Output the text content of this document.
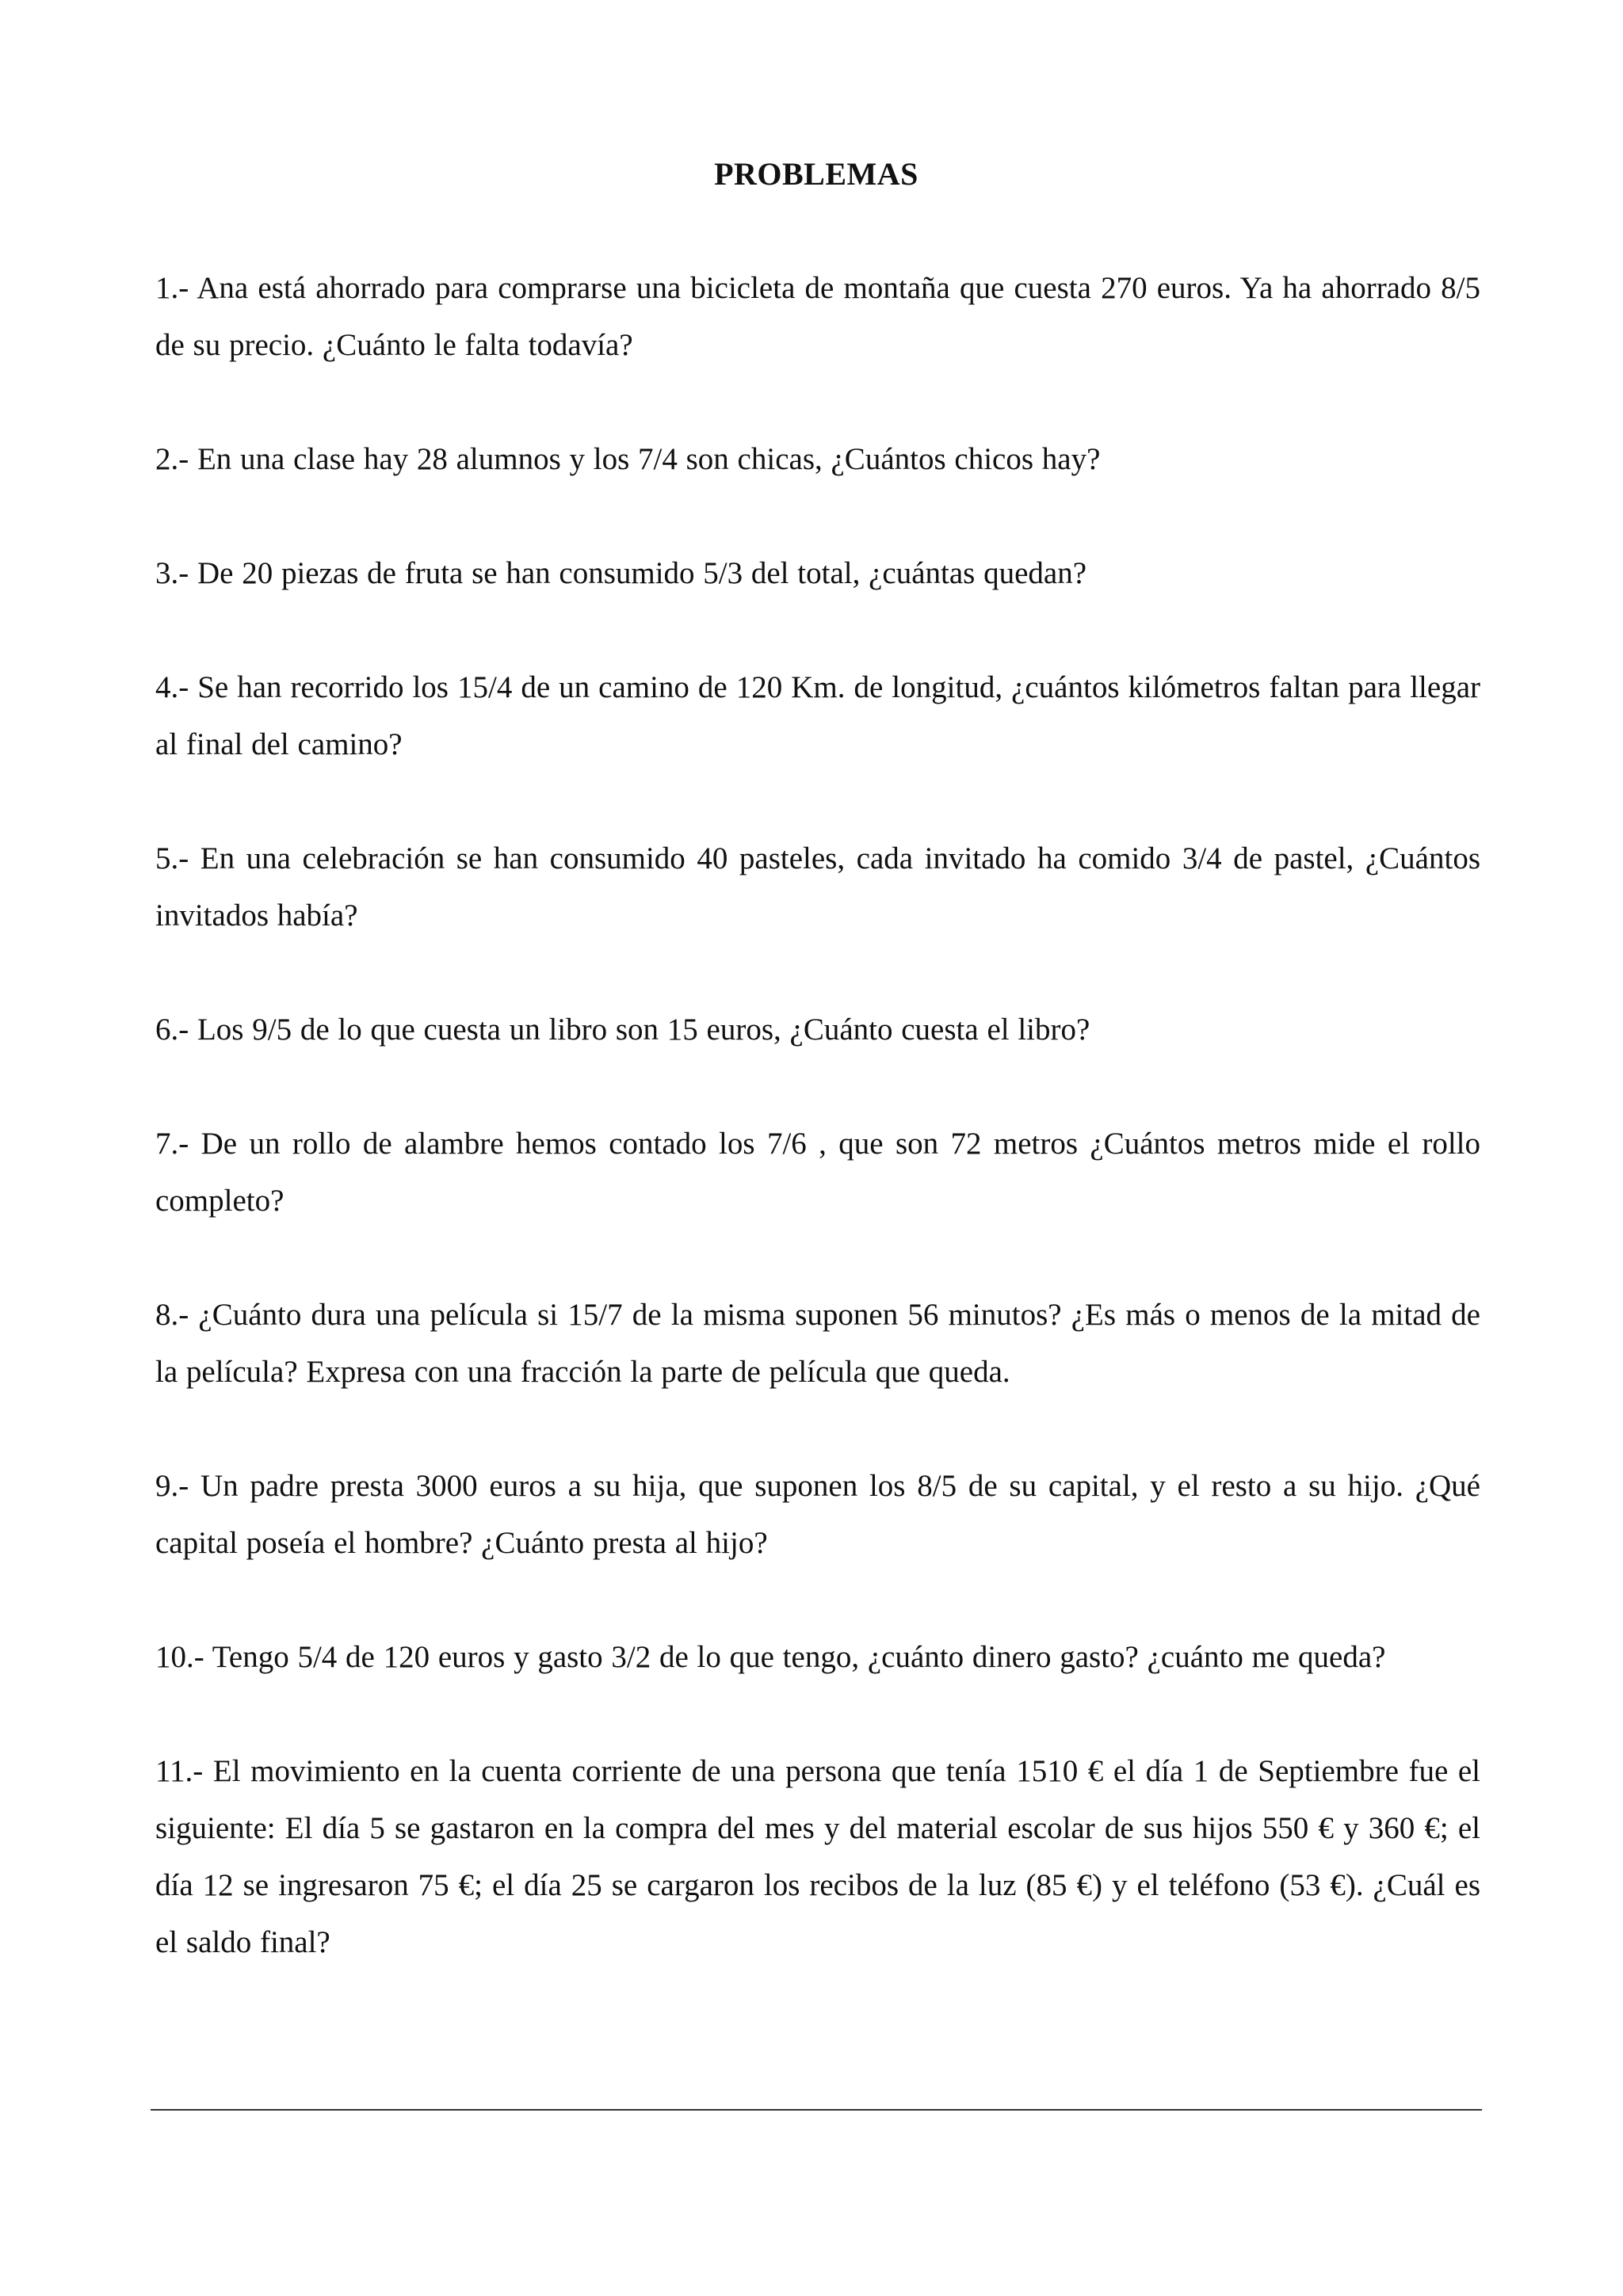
PROBLEMAS
1.- Ana está ahorrado para comprarse una bicicleta de montaña que cuesta 270 euros. Ya ha ahorrado 8/5 de su precio. ¿Cuánto le falta todavía?
2.- En una clase hay 28 alumnos y los 7/4 son chicas, ¿Cuántos chicos hay?
3.- De 20 piezas de fruta se han consumido 5/3 del total, ¿cuántas quedan?
4.- Se han recorrido los 15/4 de un camino de 120 Km. de longitud, ¿cuántos kilómetros faltan para llegar al final del camino?
5.- En una celebración se han consumido 40 pasteles, cada invitado ha comido 3/4 de pastel, ¿Cuántos invitados había?
6.- Los 9/5 de lo que cuesta un libro son 15 euros, ¿Cuánto cuesta el libro?
7.- De un rollo de alambre hemos contado los 7/6 , que son 72 metros ¿Cuántos metros mide el rollo completo?
8.- ¿Cuánto dura una película si 15/7 de la misma suponen 56 minutos? ¿Es más o menos de la mitad de la película? Expresa con una fracción la parte de película que queda.
9.- Un padre presta 3000 euros a su hija, que suponen los 8/5 de su capital, y el resto a su hijo. ¿Qué capital poseía el hombre? ¿Cuánto presta al hijo?
10.- Tengo 5/4 de 120 euros y gasto 3/2 de lo que tengo, ¿cuánto dinero gasto? ¿cuánto me queda?
11.- El movimiento en la cuenta corriente de una persona que tenía 1510 € el día 1 de Septiembre fue el siguiente: El día 5 se gastaron en la compra del mes y del material escolar de sus hijos 550 € y 360 €; el día 12 se ingresaron 75 €; el día 25 se cargaron los recibos de la luz (85 €) y el teléfono (53 €). ¿Cuál es el saldo final?
